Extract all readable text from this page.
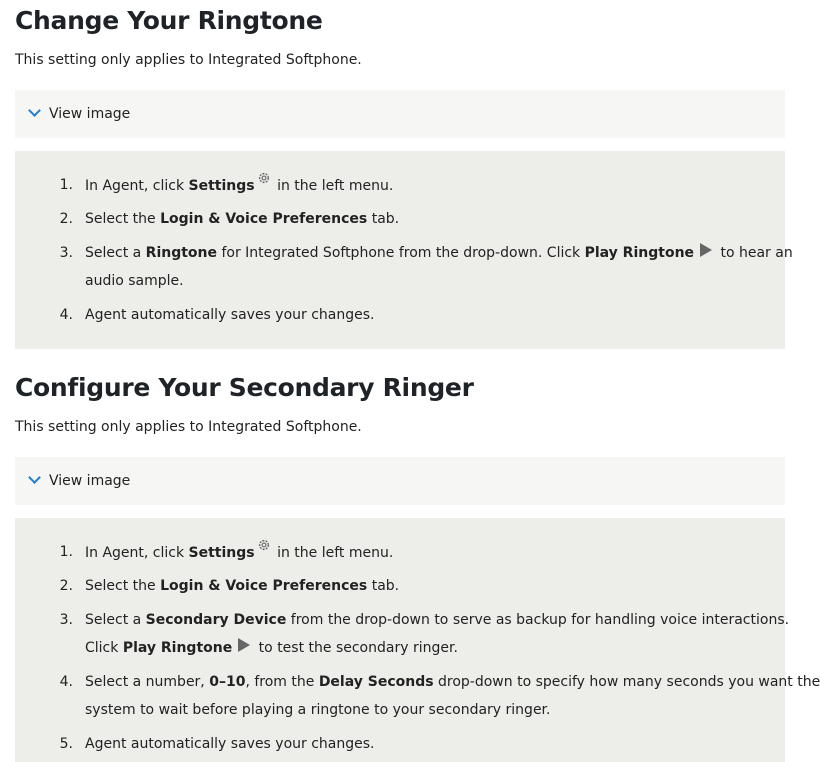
Change Your Ringtone

This setting only applies to Integrated Softphone.

View image
1. In Agent, click Settings in the left menu.
2. Select the Login & Voice Preferences tab.
3. Select a Ringtone for Integrated Softphone from the drop-down. Click Play Ringtone to hear an
audio sample.
4. Agent automatically saves your changes.
Configure Your Secondary Ringer

This setting only applies to Integrated Softphone.

View image
1. In Agent, click Settings in the left menu.
2. Select the Login & Voice Preferences tab.
3. Select a Secondary Device from the drop-down to serve as backup for handling voice interactions.
Click Play Ringtone to test the secondary ringer.
4. Select a number, 0–10, from the Delay Seconds drop-down to specify how many seconds you want the
system to wait before playing a ringtone to your secondary ringer.
5. Agent automatically saves your changes.
